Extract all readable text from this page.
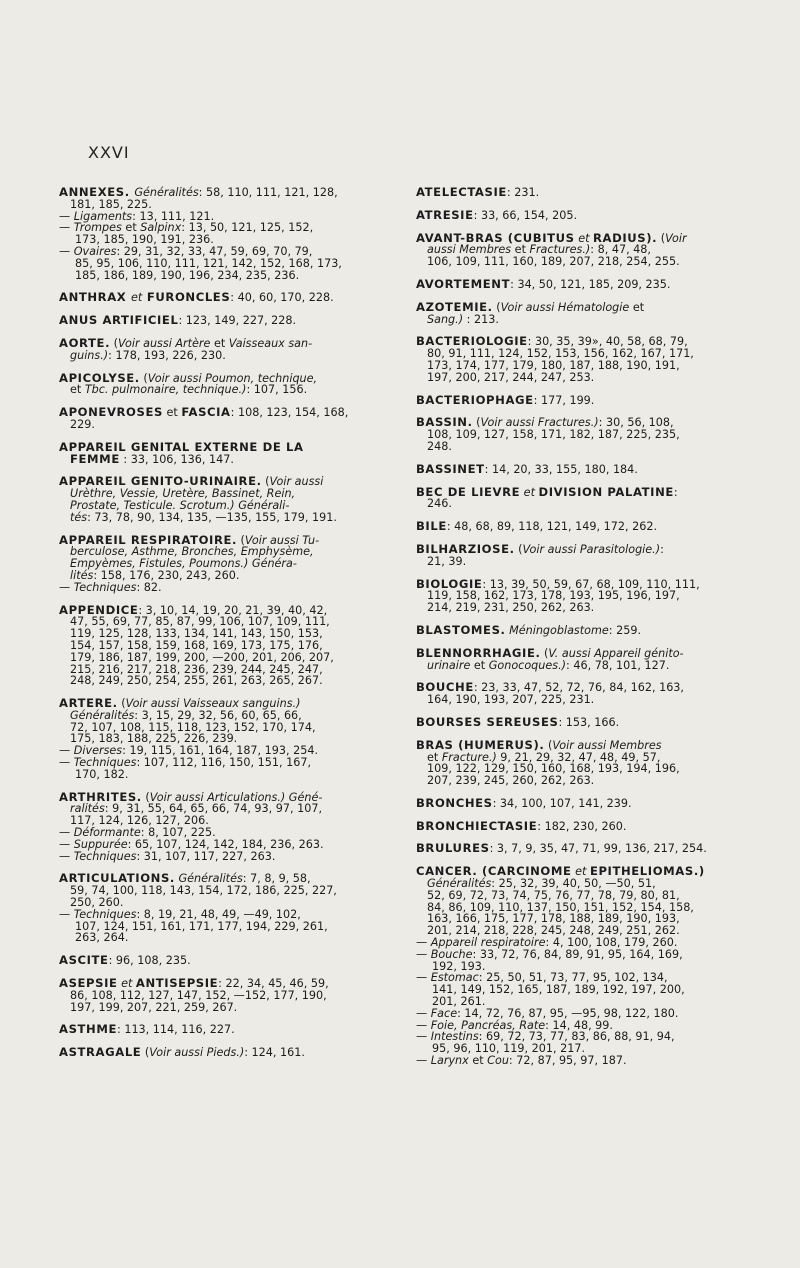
XXVI
ANNEXES. Généralités: 58, 110, 111, 121, 128,
181, 185, 225.
— Ligaments: 13, 111, 121.
— Trompes et Salpinx: 13, 50, 121, 125, 152,
173, 185, 190, 191, 236.
— Ovaires: 29, 31, 32, 33, 47, 59, 69, 70, 79,
85, 95, 106, 110, 111, 121, 142, 152, 168, 173,
185, 186, 189, 190, 196, 234, 235, 236.
ANTHRAX et FURONCLES: 40, 60, 170, 228.
ANUS ARTIFICIEL: 123, 149, 227, 228.
AORTE. (Voir aussi Artère et Vaisseaux san-
guins.): 178, 193, 226, 230.
APICOLYSE. (Voir aussi Poumon, technique,
et Tbc. pulmonaire, technique.): 107, 156.
APONEVROSES et FASCIA: 108, 123, 154, 168,
229.
APPAREIL GENITAL EXTERNE DE LA
FEMME : 33, 106, 136, 147.
APPAREIL GENITO-URINAIRE. (Voir aussi
Urèthre, Vessie, Uretère, Bassinet, Rein,
Prostate, Testicule. Scrotum.) Générali-
tés: 73, 78, 90, 134, 135, —135, 155, 179, 191.
APPAREIL RESPIRATOIRE. (Voir aussi Tu-
berculose, Asthme, Bronches, Emphysème,
Empyèmes, Fistules, Poumons.) Généra-
lités: 158, 176, 230, 243, 260.
— Techniques: 82.
APPENDICE: 3, 10, 14, 19, 20, 21, 39, 40, 42,
47, 55, 69, 77, 85, 87, 99, 106, 107, 109, 111,
119, 125, 128, 133, 134, 141, 143, 150, 153,
154, 157, 158, 159, 168, 169, 173, 175, 176,
179, 186, 187, 199, 200, —200, 201, 206, 207,
215, 216, 217, 218, 236, 239, 244, 245, 247,
248, 249, 250, 254, 255, 261, 263, 265, 267.
ARTERE. (Voir aussi Vaisseaux sanguins.)
Généralités: 3, 15, 29, 32, 56, 60, 65, 66,
72, 107, 108, 115, 118, 123, 152, 170, 174,
175, 183, 188, 225, 226, 239.
— Diverses: 19, 115, 161, 164, 187, 193, 254.
— Techniques: 107, 112, 116, 150, 151, 167,
170, 182.
ARTHRITES. (Voir aussi Articulations.) Géné-
ralités: 9, 31, 55, 64, 65, 66, 74, 93, 97, 107,
117, 124, 126, 127, 206.
— Déformante: 8, 107, 225.
— Suppurée: 65, 107, 124, 142, 184, 236, 263.
— Techniques: 31, 107, 117, 227, 263.
ARTICULATIONS. Généralités: 7, 8, 9, 58,
59, 74, 100, 118, 143, 154, 172, 186, 225, 227,
250, 260.
— Techniques: 8, 19, 21, 48, 49, —49, 102,
107, 124, 151, 161, 171, 177, 194, 229, 261,
263, 264.
ASCITE: 96, 108, 235.
ASEPSIE et ANTISEPSIE: 22, 34, 45, 46, 59,
86, 108, 112, 127, 147, 152, —152, 177, 190,
197, 199, 207, 221, 259, 267.
ASTHME: 113, 114, 116, 227.
ASTRAGALE (Voir aussi Pieds.): 124, 161.
ATELECTASIE: 231.
ATRESIE: 33, 66, 154, 205.
AVANT-BRAS (CUBITUS et RADIUS). (Voir
aussi Membres et Fractures.): 8, 47, 48,
106, 109, 111, 160, 189, 207, 218, 254, 255.
AVORTEMENT: 34, 50, 121, 185, 209, 235.
AZOTEMIE. (Voir aussi Hématologie et
Sang.) : 213.
BACTERIOLOGIE: 30, 35, 39», 40, 58, 68, 79,
80, 91, 111, 124, 152, 153, 156, 162, 167, 171,
173, 174, 177, 179, 180, 187, 188, 190, 191,
197, 200, 217, 244, 247, 253.
BACTERIOPHAGE: 177, 199.
BASSIN. (Voir aussi Fractures.): 30, 56, 108,
108, 109, 127, 158, 171, 182, 187, 225, 235,
248.
BASSINET: 14, 20, 33, 155, 180, 184.
BEC DE LIEVRE et DIVISION PALATINE:
246.
BILE: 48, 68, 89, 118, 121, 149, 172, 262.
BILHARZIOSE. (Voir aussi Parasitologie.):
21, 39.
BIOLOGIE: 13, 39, 50, 59, 67, 68, 109, 110, 111,
119, 158, 162, 173, 178, 193, 195, 196, 197,
214, 219, 231, 250, 262, 263.
BLASTOMES. Méningoblastome: 259.
BLENNORRHAGIE. (V. aussi Appareil génito-
urinaire et Gonocoques.): 46, 78, 101, 127.
BOUCHE: 23, 33, 47, 52, 72, 76, 84, 162, 163,
164, 190, 193, 207, 225, 231.
BOURSES SEREUSES: 153, 166.
BRAS (HUMERUS). (Voir aussi Membres
et Fracture.) 9, 21, 29, 32, 47, 48, 49, 57,
109, 122, 129, 150, 160, 168, 193, 194, 196,
207, 239, 245, 260, 262, 263.
BRONCHES: 34, 100, 107, 141, 239.
BRONCHIECTASIE: 182, 230, 260.
BRULURES: 3, 7, 9, 35, 47, 71, 99, 136, 217, 254.
CANCER. (CARCINOME et EPITHELIOMAS.)
Généralités: 25, 32, 39, 40, 50, —50, 51,
52, 69, 72, 73, 74, 75, 76, 77, 78, 79, 80, 81,
84, 86, 109, 110, 137, 150, 151, 152, 154, 158,
163, 166, 175, 177, 178, 188, 189, 190, 193,
201, 214, 218, 228, 245, 248, 249, 251, 262.
— Appareil respiratoire: 4, 100, 108, 179, 260.
— Bouche: 33, 72, 76, 84, 89, 91, 95, 164, 169,
192, 193.
— Estomac: 25, 50, 51, 73, 77, 95, 102, 134,
141, 149, 152, 165, 187, 189, 192, 197, 200,
201, 261.
— Face: 14, 72, 76, 87, 95, —95, 98, 122, 180.
— Foie, Pancréas, Rate: 14, 48, 99.
— Intestins: 69, 72, 73, 77, 83, 86, 88, 91, 94,
95, 96, 110, 119, 201, 217.
— Larynx et Cou: 72, 87, 95, 97, 187.
